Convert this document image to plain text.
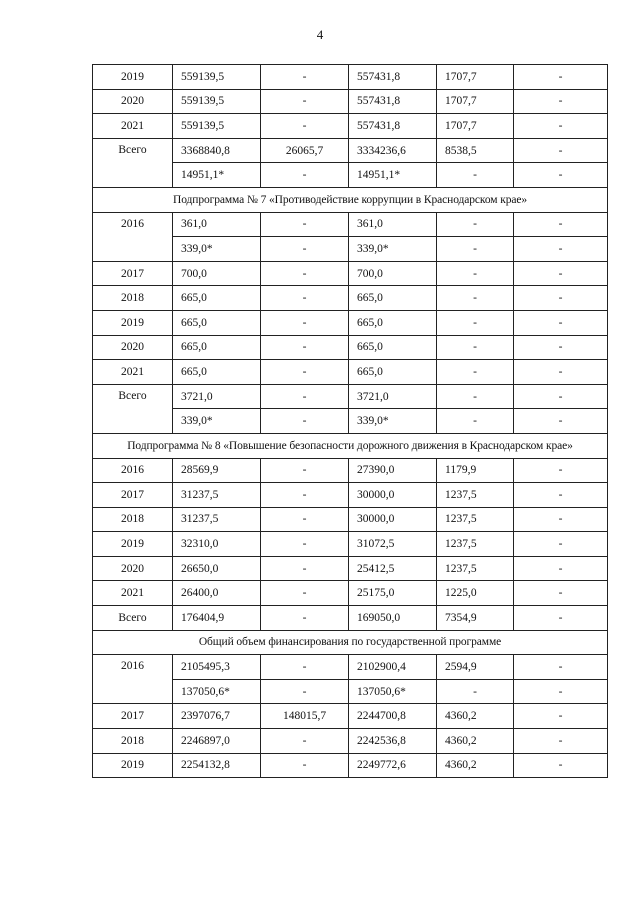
4
2019	559139,5	-	557431,8	1707,7	-
2020	559139,5	-	557431,8	1707,7	-
2021	559139,5	-	557431,8	1707,7	-
Всего	3368840,8	26065,7	3334236,6	8538,5	-
	14951,1*	-	14951,1*	-	-
Подпрограмма № 7 «Противодействие коррупции в Краснодарском крае»					
2016	361,0	-	361,0	-	-
	339,0*	-	339,0*	-	-
2017	700,0	-	700,0	-	-
2018	665,0	-	665,0	-	-
2019	665,0	-	665,0	-	-
2020	665,0	-	665,0	-	-
2021	665,0	-	665,0	-	-
Всего	3721,0	-	3721,0	-	-
	339,0*	-	339,0*	-	-
Подпрограмма № 8 «Повышение безопасности дорожного движения в Краснодарском крае»					
2016	28569,9	-	27390,0	1179,9	-
2017	31237,5	-	30000,0	1237,5	-
2018	31237,5	-	30000,0	1237,5	-
2019	32310,0	-	31072,5	1237,5	-
2020	26650,0	-	25412,5	1237,5	-
2021	26400,0	-	25175,0	1225,0	-
Всего	176404,9	-	169050,0	7354,9	-
Общий объем финансирования по государственной программе					
2016	2105495,3	-	2102900,4	2594,9	-
	137050,6*	-	137050,6*	-	-
2017	2397076,7	148015,7	2244700,8	4360,2	-
2018	2246897,0	-	2242536,8	4360,2	-
2019	2254132,8	-	2249772,6	4360,2	-
